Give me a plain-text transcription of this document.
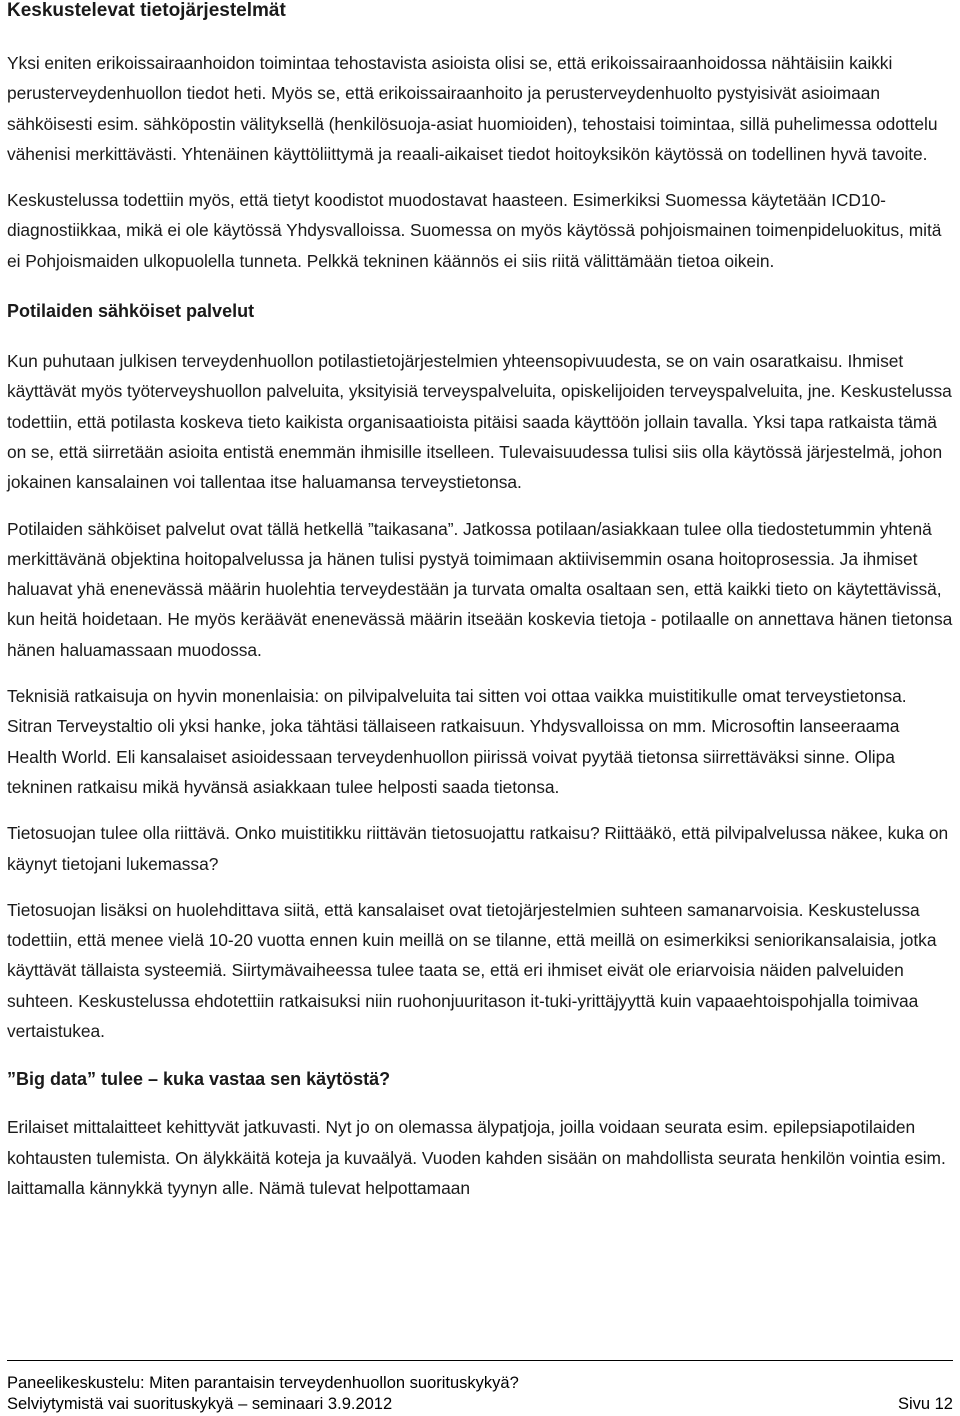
Keskustelevat tietojärjestelmät

Yksi eniten erikoissairaanhoidon toimintaa tehostavista asioista olisi se, että erikoissairaanhoidossa nähtäisiin kaikki perusterveydenhuollon tiedot heti. Myös se, että erikoissairaanhoito ja perusterveydenhuolto pystyisivät asioimaan sähköisesti esim. sähköpostin välityksellä (henkilösuoja-asiat huomioiden), tehostaisi toimintaa, sillä puhelimessa odottelu vähenisi merkittävästi. Yhtenäinen käyttöliittymä ja reaali-aikaiset tiedot hoitoyksikön käytössä on todellinen hyvä tavoite.

Keskustelussa todettiin myös, että tietyt koodistot muodostavat haasteen. Esimerkiksi Suomessa käytetään ICD10-diagnostiikkaa, mikä ei ole käytössä Yhdysvalloissa. Suomessa on myös käytössä pohjoismainen toimenpideluokitus, mitä ei Pohjoismaiden ulkopuolella tunneta. Pelkkä tekninen käännös ei siis riitä välittämään tietoa oikein.

Potilaiden sähköiset palvelut

Kun puhutaan julkisen terveydenhuollon potilastietojärjestelmien yhteensopivuudesta, se on vain osaratkaisu. Ihmiset käyttävät myös työterveyshuollon palveluita, yksityisiä terveyspalveluita, opiskelijoiden terveyspalveluita, jne. Keskustelussa todettiin, että potilasta koskeva tieto kaikista organisaatioista pitäisi saada käyttöön jollain tavalla. Yksi tapa ratkaista tämä on se, että siirretään asioita entistä enemmän ihmisille itselleen. Tulevaisuudessa tulisi siis olla käytössä järjestelmä, johon jokainen kansalainen voi tallentaa itse haluamansa terveystietonsa.

Potilaiden sähköiset palvelut ovat tällä hetkellä ”taikasana”. Jatkossa potilaan/asiakkaan tulee olla tiedostetummin yhtenä merkittävänä objektina hoitopalvelussa ja hänen tulisi pystyä toimimaan aktiivisemmin osana hoitoprosessia. Ja ihmiset haluavat yhä enenevässä määrin huolehtia terveydestään ja turvata omalta osaltaan sen, että kaikki tieto on käytettävissä, kun heitä hoidetaan. He myös keräävät enenevässä määrin itseään koskevia tietoja - potilaalle on annettava hänen tietonsa hänen haluamassaan muodossa.

Teknisiä ratkaisuja on hyvin monenlaisia: on pilvipalveluita tai sitten voi ottaa vaikka muistitikulle omat terveystietonsa. Sitran Terveystaltio oli yksi hanke, joka tähtäsi tällaiseen ratkaisuun. Yhdysvalloissa on mm. Microsoftin lanseeraama Health World. Eli kansalaiset asioidessaan terveydenhuollon piirissä voivat pyytää tietonsa siirrettäväksi sinne. Olipa tekninen ratkaisu mikä hyvänsä asiakkaan tulee helposti saada tietonsa.

Tietosuojan tulee olla riittävä. Onko muistitikku riittävän tietosuojattu ratkaisu? Riittääkö, että pilvipalvelussa näkee, kuka on käynyt tietojani lukemassa?

Tietosuojan lisäksi on huolehdittava siitä, että kansalaiset ovat tietojärjestelmien suhteen samanarvoisia. Keskustelussa todettiin, että menee vielä 10-20 vuotta ennen kuin meillä on se tilanne, että meillä on esimerkiksi seniorikansalaisia, jotka käyttävät tällaista systeemiä. Siirtymävaiheessa tulee taata se, että eri ihmiset eivät ole eriarvoisia näiden palveluiden suhteen. Keskustelussa ehdotettiin ratkaisuksi niin ruohonjuuritason it-tuki-yrittäjyyttä kuin vapaaehtoispohjalla toimivaa vertaistukea.

”Big data” tulee – kuka vastaa sen käytöstä?

Erilaiset mittalaitteet kehittyvät jatkuvasti. Nyt jo on olemassa älypatjoja, joilla voidaan seurata esim. epilepsiapotilaiden kohtausten tulemista. On älykkäitä koteja ja kuvaälyä. Vuoden kahden sisään on mahdollista seurata henkilön vointia esim. laittamalla kännykkä tyynyn alle. Nämä tulevat helpottamaan

Paneelikeskustelu: Miten parantaisin terveydenhuollon suorituskykyä?
Selviytymistä vai suorituskykyä – seminaari 3.9.2012	Sivu 12
